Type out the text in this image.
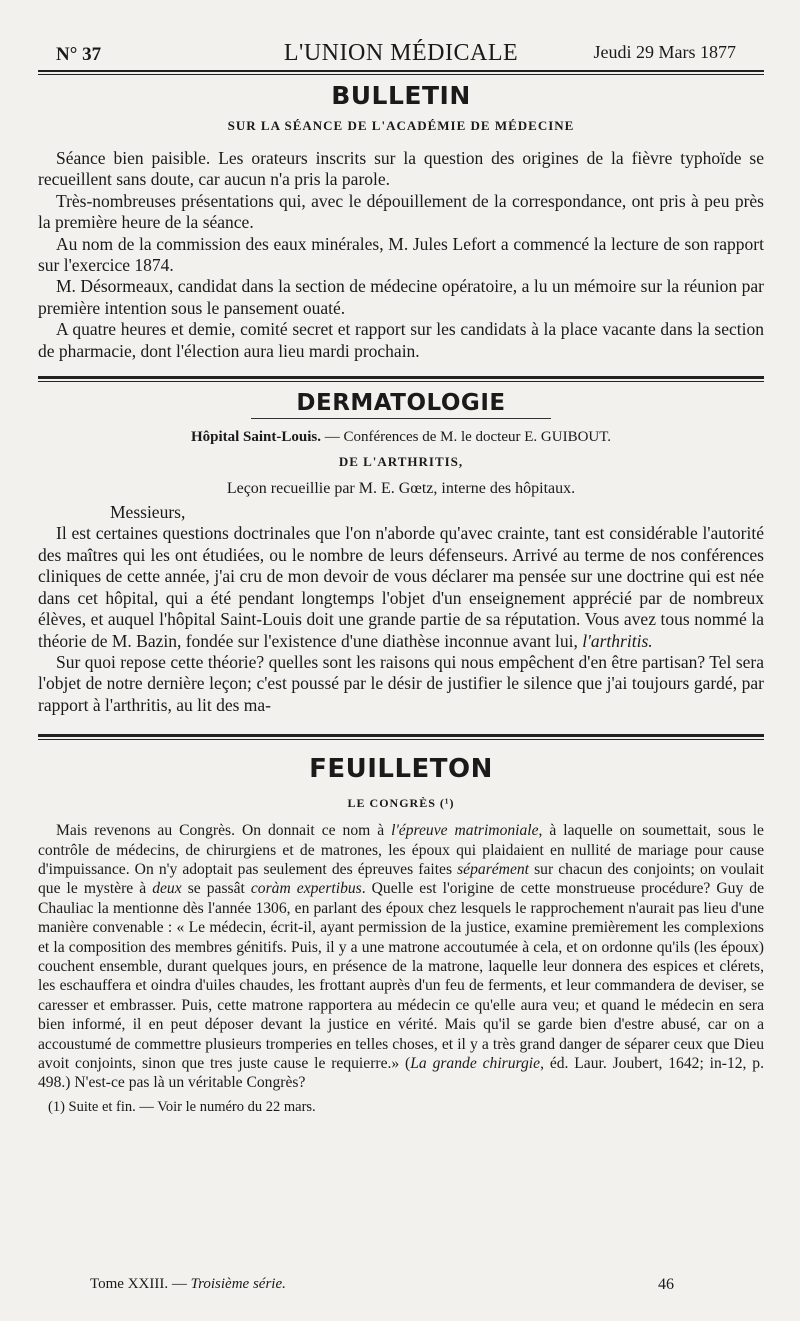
N° 37	L'UNION MÉDICALE	Jeudi 29 Mars 1877
BULLETIN

SUR LA SÉANCE DE L'ACADÉMIE DE MÉDECINE

Séance bien paisible. Les orateurs inscrits sur la question des origines de la fièvre typhoïde se recueillent sans doute, car aucun n'a pris la parole.

Très-nombreuses présentations qui, avec le dépouillement de la correspondance, ont pris à peu près la première heure de la séance.

Au nom de la commission des eaux minérales, M. Jules Lefort a commencé la lecture de son rapport sur l'exercice 1874.

M. Désormeaux, candidat dans la section de médecine opératoire, a lu un mémoire sur la réunion par première intention sous le pansement ouaté.

A quatre heures et demie, comité secret et rapport sur les candidats à la place vacante dans la section de pharmacie, dont l'élection aura lieu mardi prochain.

DERMATOLOGIE

Hôpital Saint-Louis. — Conférences de M. le docteur E. GUIBOUT.

DE L'ARTHRITIS,

Leçon recueillie par M. E. Gœtz, interne des hôpitaux.

Messieurs,

Il est certaines questions doctrinales que l'on n'aborde qu'avec crainte, tant est considérable l'autorité des maîtres qui les ont étudiées, ou le nombre de leurs défenseurs. Arrivé au terme de nos conférences cliniques de cette année, j'ai cru de mon devoir de vous déclarer ma pensée sur une doctrine qui est née dans cet hôpital, qui a été pendant longtemps l'objet d'un enseignement apprécié par de nombreux élèves, et auquel l'hôpital Saint-Louis doit une grande partie de sa réputation. Vous avez tous nommé la théorie de M. Bazin, fondée sur l'existence d'une diathèse inconnue avant lui, l'arthritis.

Sur quoi repose cette théorie? quelles sont les raisons qui nous empêchent d'en être partisan? Tel sera l'objet de notre dernière leçon; c'est poussé par le désir de justifier le silence que j'ai toujours gardé, par rapport à l'arthritis, au lit des ma-

FEUILLETON

LE CONGRÈS (¹)

Mais revenons au Congrès. On donnait ce nom à l'épreuve matrimoniale, à laquelle on soumettait, sous le contrôle de médecins, de chirurgiens et de matrones, les époux qui plaidaient en nullité de mariage pour cause d'impuissance. On n'y adoptait pas seulement des épreuves faites séparément sur chacun des conjoints; on voulait que le mystère à deux se passât coràm expertibus. Quelle est l'origine de cette monstrueuse procédure? Guy de Chauliac la mentionne dès l'année 1306, en parlant des époux chez lesquels le rapprochement n'aurait pas lieu d'une manière convenable : « Le médecin, écrit-il, ayant permission de la justice, examine premièrement les complexions et la composition des membres génitifs. Puis, il y a une matrone accoutumée à cela, et on ordonne qu'ils (les époux) couchent ensemble, durant quelques jours, en présence de la matrone, laquelle leur donnera des espices et clérets, les eschauffera et oindra d'uiles chaudes, les frottant auprès d'un feu de ferments, et leur commandera de deviser, se caresser et embrasser. Puis, cette matrone rapportera au médecin ce qu'elle aura veu; et quand le médecin en sera bien informé, il en peut déposer devant la justice en vérité. Mais qu'il se garde bien d'estre abusé, car on a accoustumé de commettre plusieurs tromperies en telles choses, et il y a très grand danger de séparer ceux que Dieu avoit conjoints, sinon que tres juste cause le requierre.» (La grande chirurgie, éd. Laur. Joubert, 1642; in-12, p. 498.) N'est-ce pas là un véritable Congrès?

(1) Suite et fin. — Voir le numéro du 22 mars.

Tome XXIII. — Troisième série.	46
